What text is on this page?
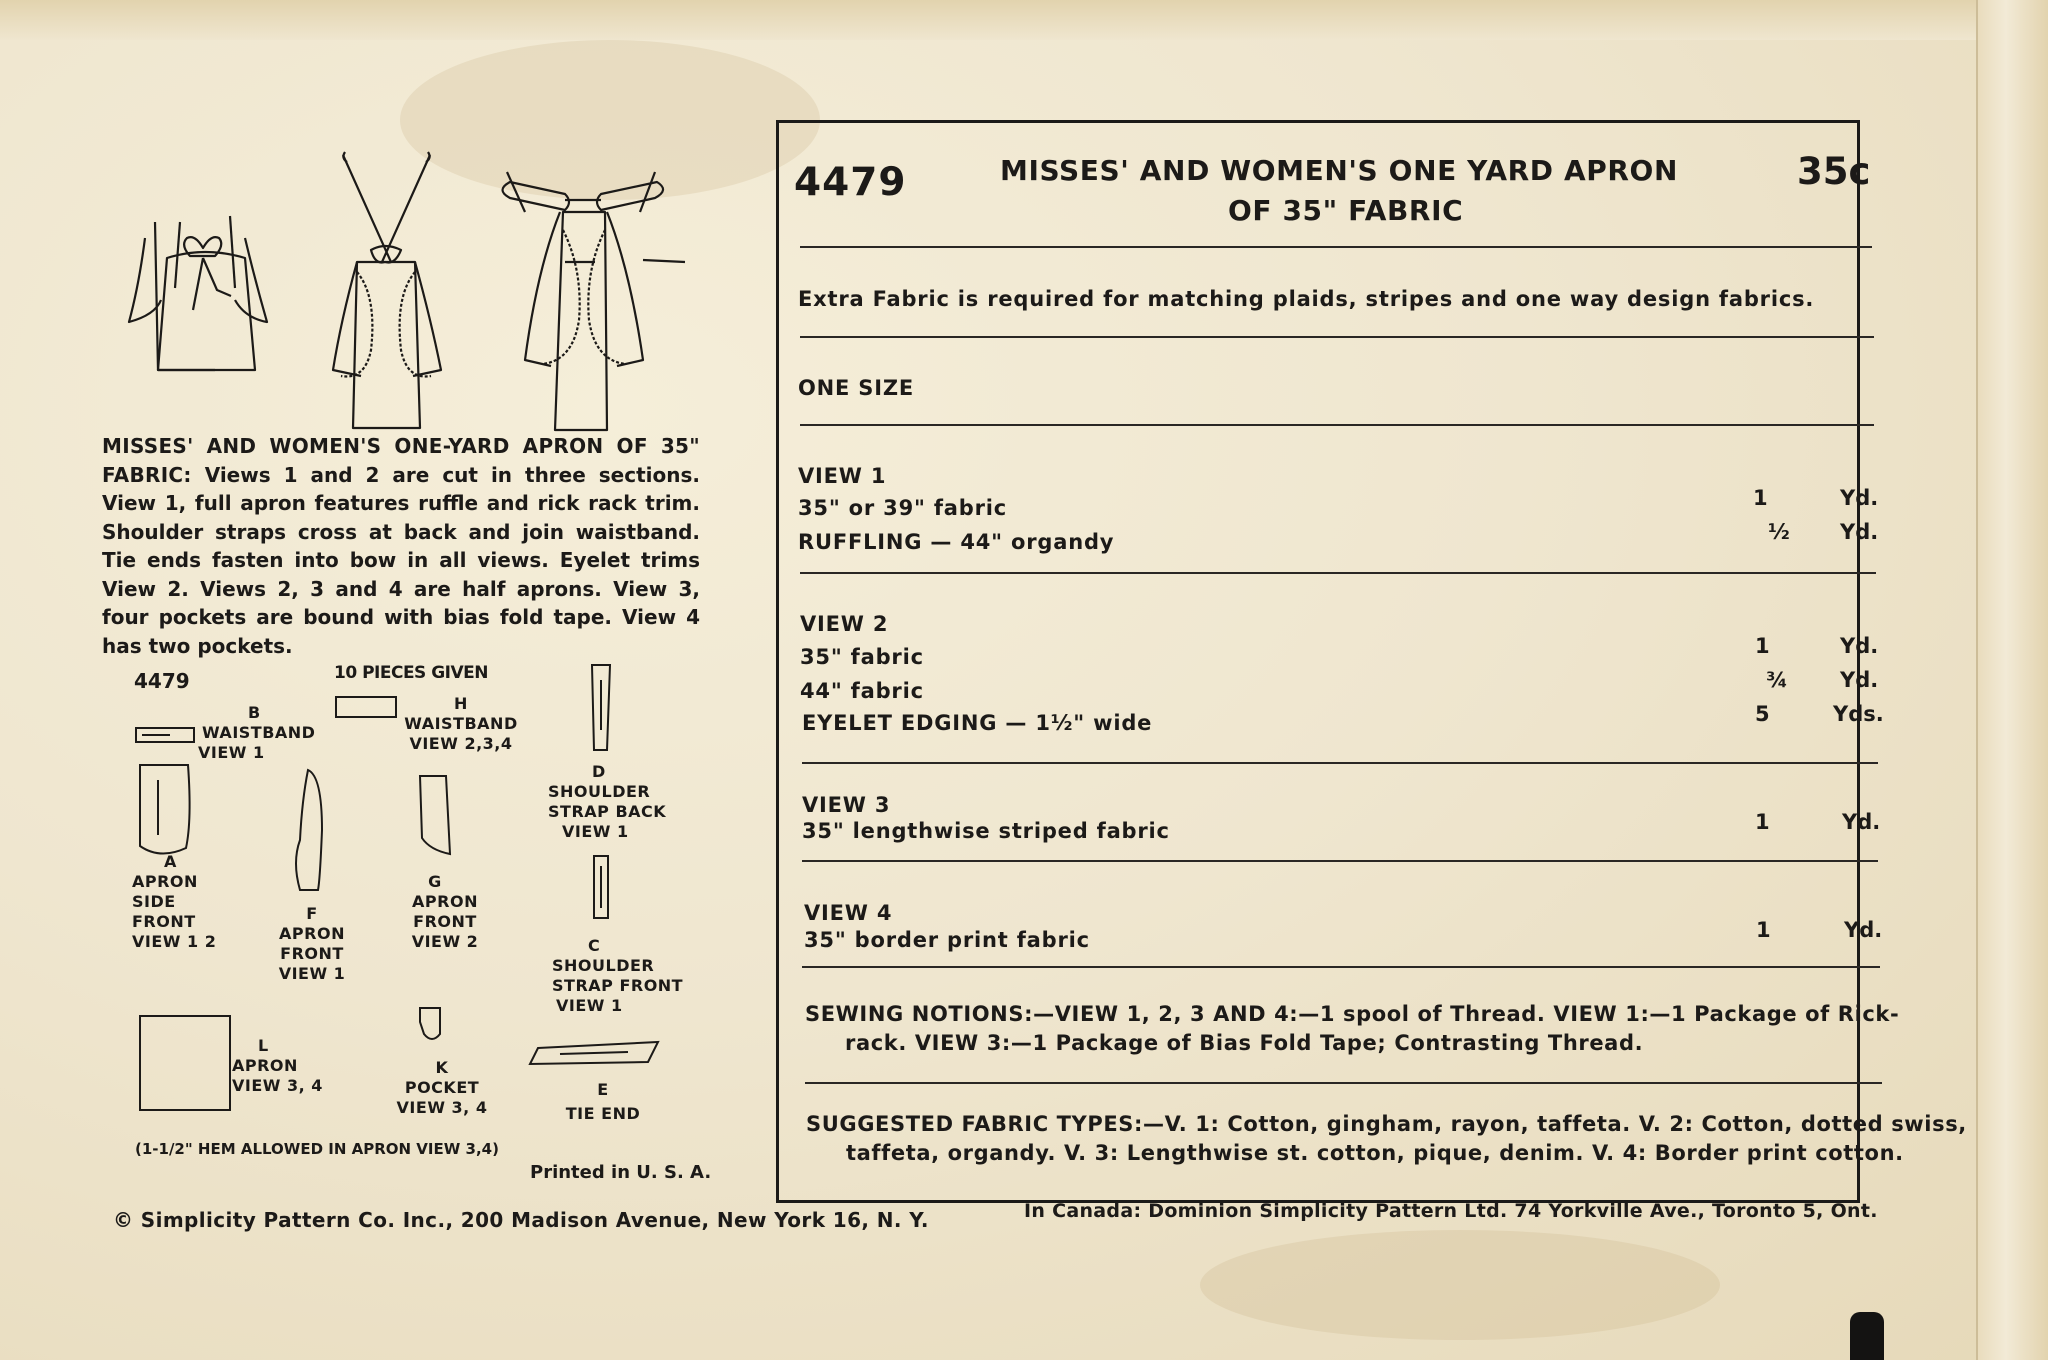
MISSES' AND WOMEN'S ONE-YARD APRON OF 35" FABRIC: Views 1 and 2 are cut in three sections. View 1, full apron features ruffle and rick rack trim. Shoulder straps cross at back and join waistband. Tie ends fasten into bow in all views. Eyelet trims View 2. Views 2, 3 and 4 are half aprons. View 3, four pockets are bound with bias fold tape. View 4 has two pockets.
4479	10 PIECES GIVEN
B
WAISTBAND
VIEW 1
H
WAISTBAND
VIEW 2,3,4
D
SHOULDER STRAP BACK
VIEW 1
A
APRON SIDE FRONT
VIEW 1 2
F
APRON FRONT
VIEW 1
G
APRON FRONT
VIEW 2	C
SHOULDER STRAP FRONT
VIEW 1
L
APRON
VIEW 3, 4
K
POCKET
VIEW 3, 4
E
TIE END
(1-1/2" HEM ALLOWED IN APRON VIEW 3,4)
Printed in U. S. A.
© Simplicity Pattern Co. Inc., 200 Madison Avenue, New York 16, N. Y.	In Canada: Dominion Simplicity Pattern Ltd. 74 Yorkville Ave., Toronto 5, Ont.
4479	MISSES' AND WOMEN'S ONE YARD APRON
OF 35" FABRIC
35c
Extra Fabric is required for matching plaids, stripes and one way design fabrics.
ONE SIZE
VIEW 1
35" or 39" fabric	1	Yd.
RUFFLING — 44" organdy	½ Yd.
VIEW 2
35" fabric	1	Yd.
44" fabric	¾ Yd.
EYELET EDGING — 1½" wide	5	Yds.
VIEW 3
35" lengthwise striped fabric	1	Yd.
VIEW 4
35" border print fabric	1	Yd.
SEWING NOTIONS:—VIEW 1, 2, 3 AND 4:—1 spool of Thread. VIEW 1:—1 Package of Rick-
rack. VIEW 3:—1 Package of Bias Fold Tape; Contrasting Thread.
SUGGESTED FABRIC TYPES:—V. 1: Cotton, gingham, rayon, taffeta. V. 2: Cotton, dotted swiss,
taffeta, organdy. V. 3: Lengthwise st. cotton, pique, denim. V. 4: Border print cotton.
